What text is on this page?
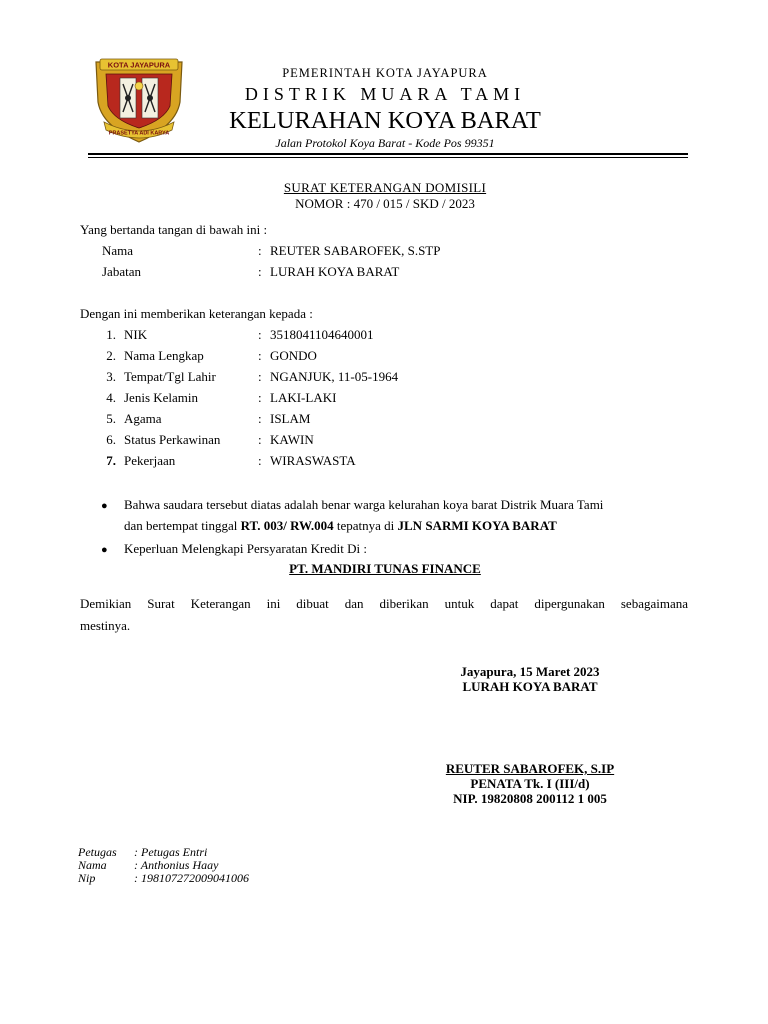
KOTA JAYAPURA
PRASETYA ADI KARYA
PEMERINTAH KOTA JAYAPURA
DISTRIK MUARA TAMI
KELURAHAN KOYA BARAT
Jalan Protokol Koya Barat - Kode Pos 99351
SURAT KETERANGAN DOMISILI
NOMOR : 470 / 015 / SKD / 2023
Yang bertanda tangan di bawah ini :
Nama	: REUTER SABAROFEK, S.STP
Jabatan	: LURAH KOYA BARAT
Dengan ini memberikan keterangan kepada :
1. NIK	: 3518041104640001
2. Nama Lengkap	: GONDO
3. Tempat/Tgl Lahir	: NGANJUK, 11-05-1964
4. Jenis Kelamin	: LAKI-LAKI
5. Agama	: ISLAM
6. Status Perkawinan	: KAWIN
7. Pekerjaan	: WIRASWASTA
● Bahwa saudara tersebut diatas adalah benar warga kelurahan koya barat Distrik Muara Tami
dan bertempat tinggal RT. 003/ RW.004 tepatnya di JLN SARMI KOYA BARAT
● Keperluan Melengkapi Persyaratan Kredit Di :
PT. MANDIRI TUNAS FINANCE
Demikian Surat Keterangan ini dibuat dan diberikan untuk dapat dipergunakan sebagaimana
mestinya.
Jayapura, 15 Maret 2023
LURAH KOYA BARAT
REUTER SABAROFEK, S.IP
PENATA Tk. I (III/d)
NIP. 19820808 200112 1 005
Petugas : Petugas Entri
Nama : Anthonius Haay
Nip	: 198107272009041006
